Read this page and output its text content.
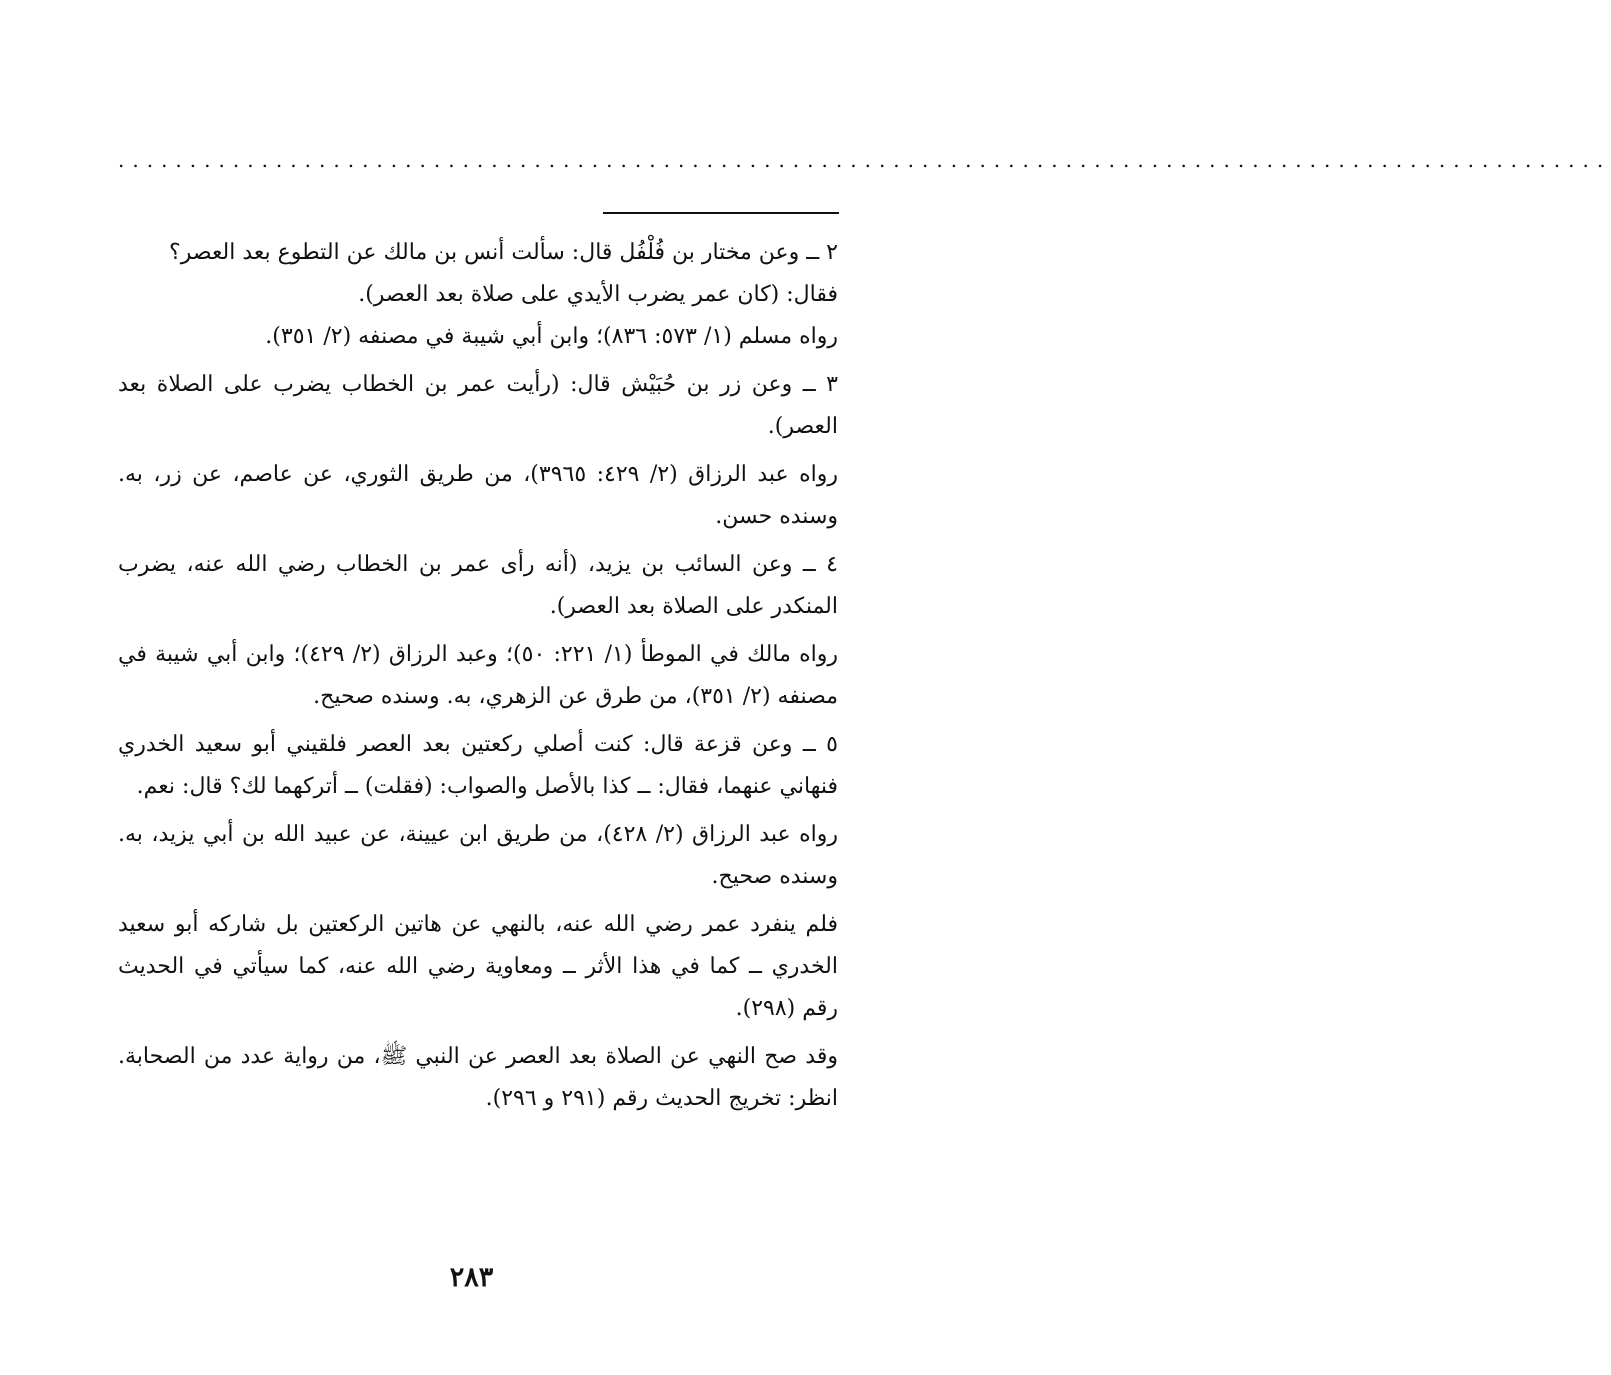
........................................................................................................

٢ ــ وعن مختار بن فُلْفُل قال: سألت أنس بن مالك عن التطوع بعد العصر؟

فقال: (كان عمر يضرب الأيدي على صلاة بعد العصر).

رواه مسلم (١/ ٥٧٣: ٨٣٦)؛ وابن أبي شيبة في مصنفه (٢/ ٣٥١).

٣ ــ وعن زر بن حُبَيْش قال: (رأيت عمر بن الخطاب يضرب على الصلاة بعد العصر).

رواه عبد الرزاق (٢/ ٤٢٩: ٣٩٦٥)، من طريق الثوري، عن عاصم، عن زر، به. وسنده حسن.

٤ ــ وعن السائب بن يزيد، (أنه رأى عمر بن الخطاب رضي الله عنه، يضرب المنكدر على الصلاة بعد العصر).

رواه مالك في الموطأ (١/ ٢٢١: ٥٠)؛ وعبد الرزاق (٢/ ٤٢٩)؛ وابن أبي شيبة في مصنفه (٢/ ٣٥١)، من طرق عن الزهري، به. وسنده صحيح.

٥ ــ وعن قزعة قال: كنت أصلي ركعتين بعد العصر فلقيني أبو سعيد الخدري فنهاني عنهما، فقال: ــ كذا بالأصل والصواب: (فقلت) ــ أتركهما لك؟ قال: نعم.

رواه عبد الرزاق (٢/ ٤٢٨)، من طريق ابن عيينة، عن عبيد الله بن أبي يزيد، به. وسنده صحيح.

فلم ينفرد عمر رضي الله عنه، بالنهي عن هاتين الركعتين بل شاركه أبو سعيد الخدري ــ كما في هذا الأثر ــ ومعاوية رضي الله عنه، كما سيأتي في الحديث رقم (٢٩٨).

وقد صح النهي عن الصلاة بعد العصر عن النبي ﷺ، من رواية عدد من الصحابة. انظر: تخريج الحديث رقم (٢٩١ و ٢٩٦).

٢٨٣
